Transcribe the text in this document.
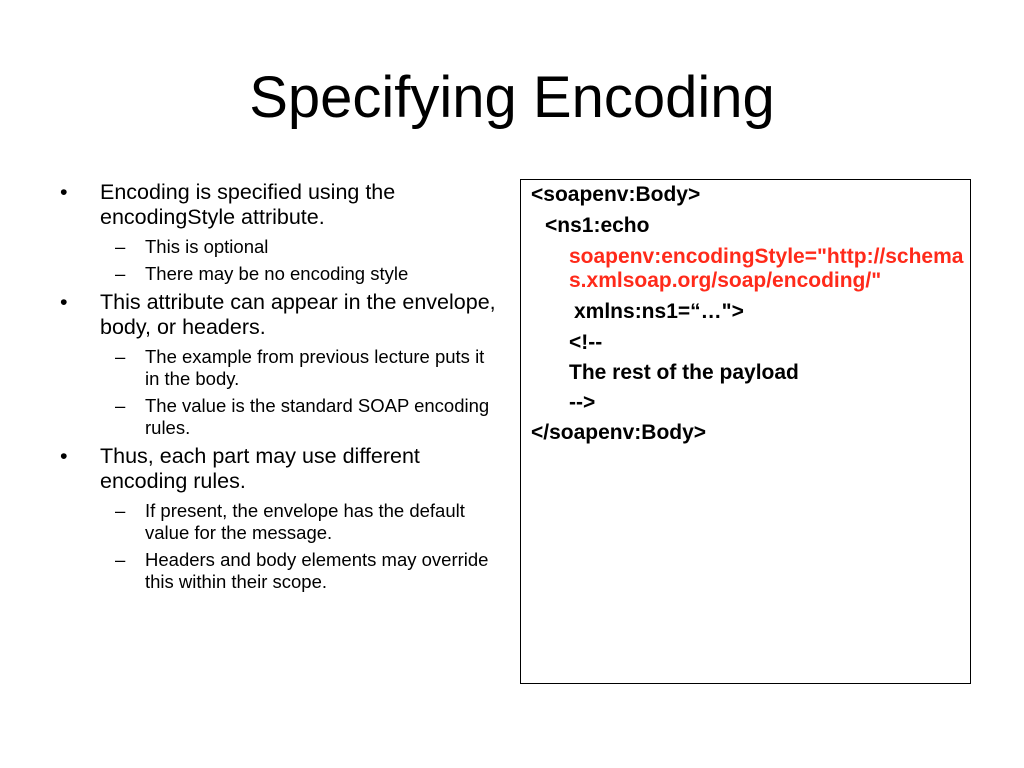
Specifying Encoding
• Encoding is specified using the encodingStyle attribute.
– This is optional
– There may be no encoding style
• This attribute can appear in the envelope, body, or headers.
– The example from previous lecture puts it in the body.
– The value is the standard SOAP encoding rules.
• Thus, each part may use different encoding rules.
– If present, the envelope has the default value for the message.
– Headers and body elements may override this within their scope.
<soapenv:Body>
<ns1:echo
soapenv:encodingStyle="http://schemas.xmlsoap.org/soap/encoding/"
xmlns:ns1=“…">
<!--
The rest of the payload
-->
</soapenv:Body>
